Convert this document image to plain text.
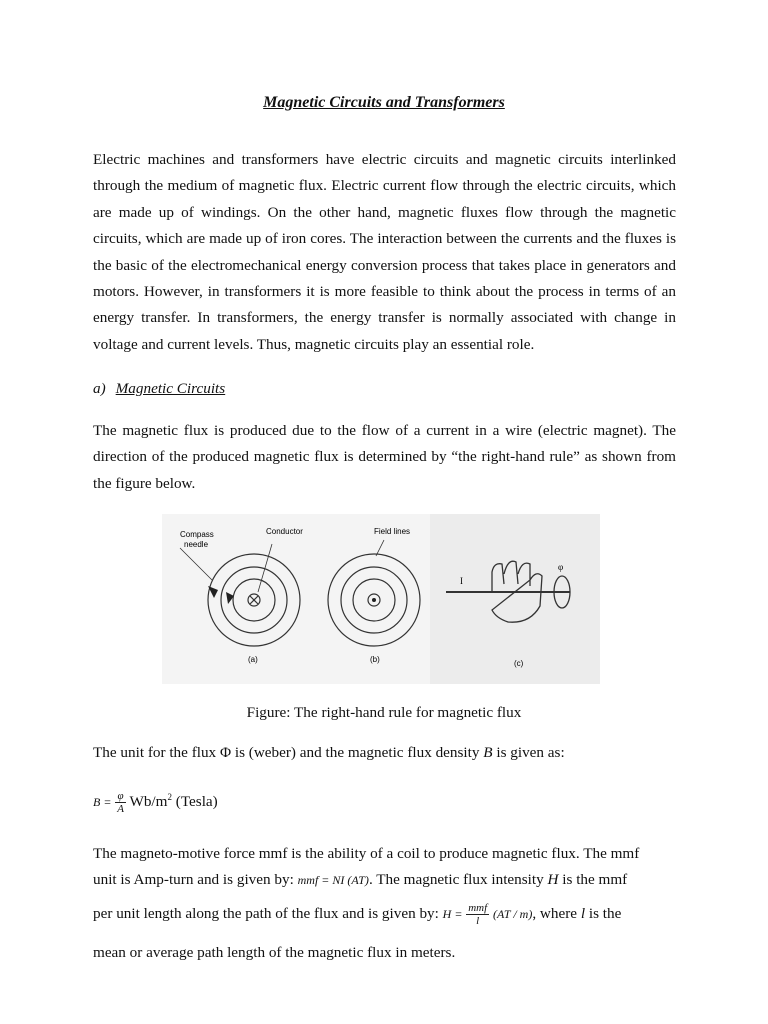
Magnetic Circuits and Transformers
Electric machines and transformers have electric circuits and magnetic circuits interlinked through the medium of magnetic flux. Electric current flow through the electric circuits, which are made up of windings. On the other hand, magnetic fluxes flow through the magnetic circuits, which are made up of iron cores. The interaction between the currents and the fluxes is the basic of the electromechanical energy conversion process that takes place in generators and motors. However, in transformers it is more feasible to think about the process in terms of an energy transfer. In transformers, the energy transfer is normally associated with change in voltage and current levels. Thus, magnetic circuits play an essential role.
a) Magnetic Circuits
The magnetic flux is produced due to the flow of a current in a wire (electric magnet). The direction of the produced magnetic flux is determined by “the right-hand rule” as shown from the figure below.
Compass
needle
Conductor
(a)
Field lines
(b)
I
φ
(c)
Figure: The right-hand rule for magnetic flux
The unit for the flux Φ is (weber) and the magnetic flux density B is given as:
$B = \frac{\varphi}{A} Wb/m^2$ (Tesla)
The magneto-motive force mmf is the ability of a coil to produce magnetic flux. The mmf
unit is Amp-turn and is given by: mmf = NI (AT). The magnetic flux intensity H is the mmf
per unit length along the path of the flux and is given by: $H = \frac{\text{mmf}}{l} (AT / m)$, where l is the
mean or average path length of the magnetic flux in meters.
